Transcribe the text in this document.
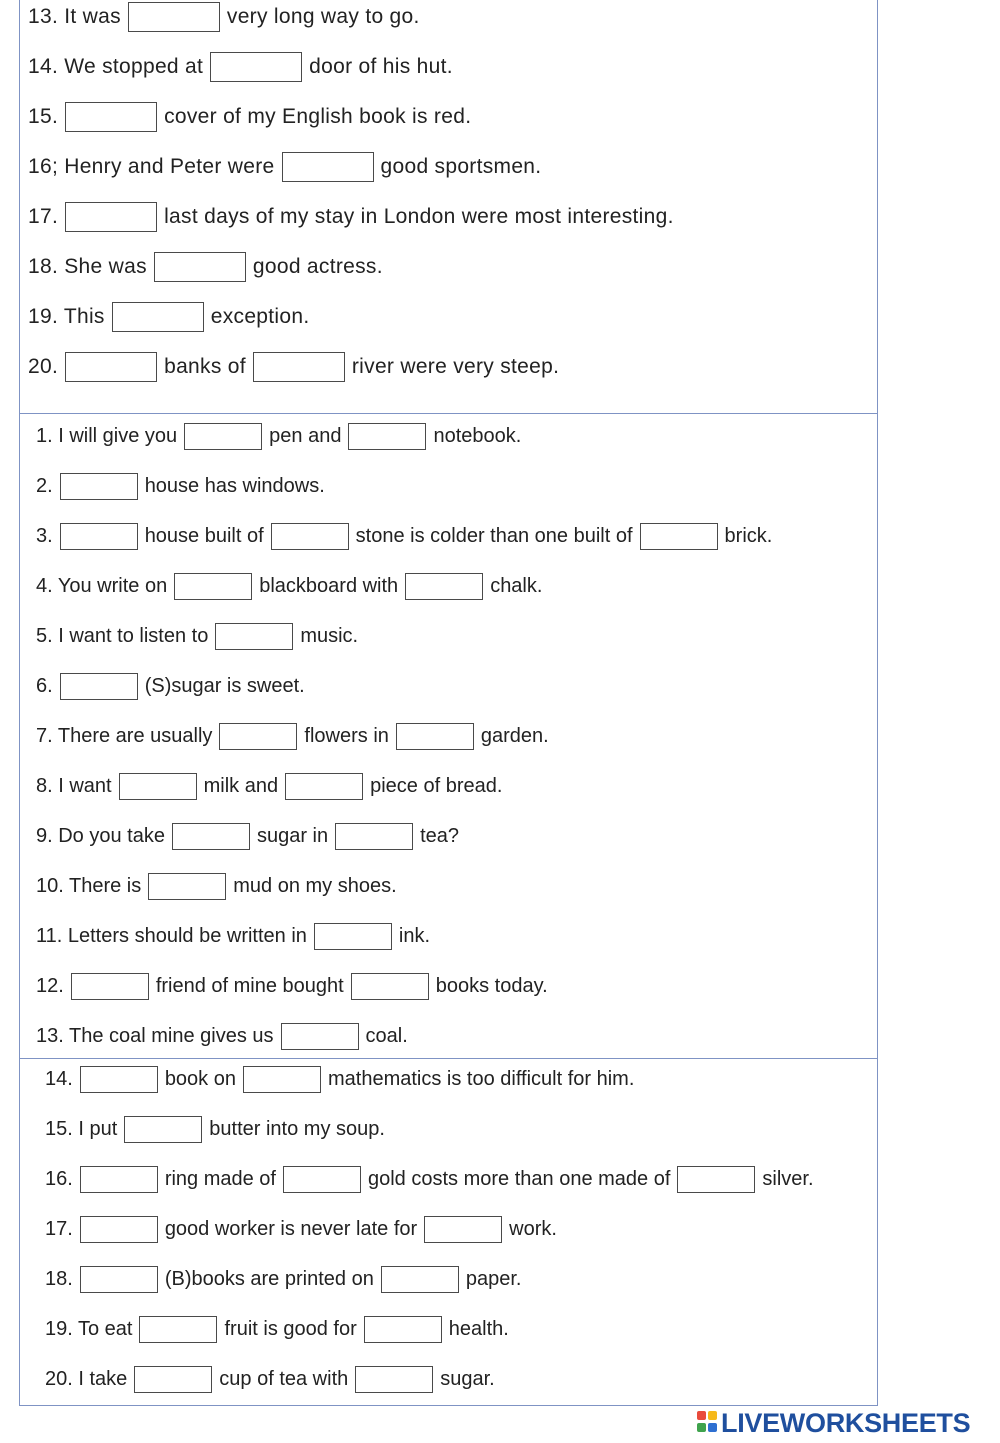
13. It was	very long way to go.
14. We stopped at	door of his hut.
15.	cover of my English book is red.
16; Henry and Peter were	good sportsmen.
17.	last days of my stay in London were most interesting.
18. She was	good actress.
19. This	exception.
20.	banks of	river were very steep.
1. I will give you	pen and	notebook.
2.	house has windows.
3.	house built of	stone is colder than one built of	brick.
4. You write on	blackboard with	chalk.
5. I want to listen to	music.
6.	(S)sugar is sweet.
7. There are usually	flowers in	garden.
8. I want	milk and	piece of bread.
9. Do you take	sugar in	tea?
10. There is	mud on my shoes.
11. Letters should be written in	ink.
12.	friend of mine bought	books today.
13. The coal mine gives us	coal.
14.	book on	mathematics is too difficult for him.
15. I put	butter into my soup.
16.	ring made of	gold costs more than one made of	silver.
17.	good worker is never late for	work.
18.	(B)books are printed on	paper.
19. To eat	fruit is good for	health.
20. I take	cup of tea with	sugar.
LIVEWORKSHEETS
